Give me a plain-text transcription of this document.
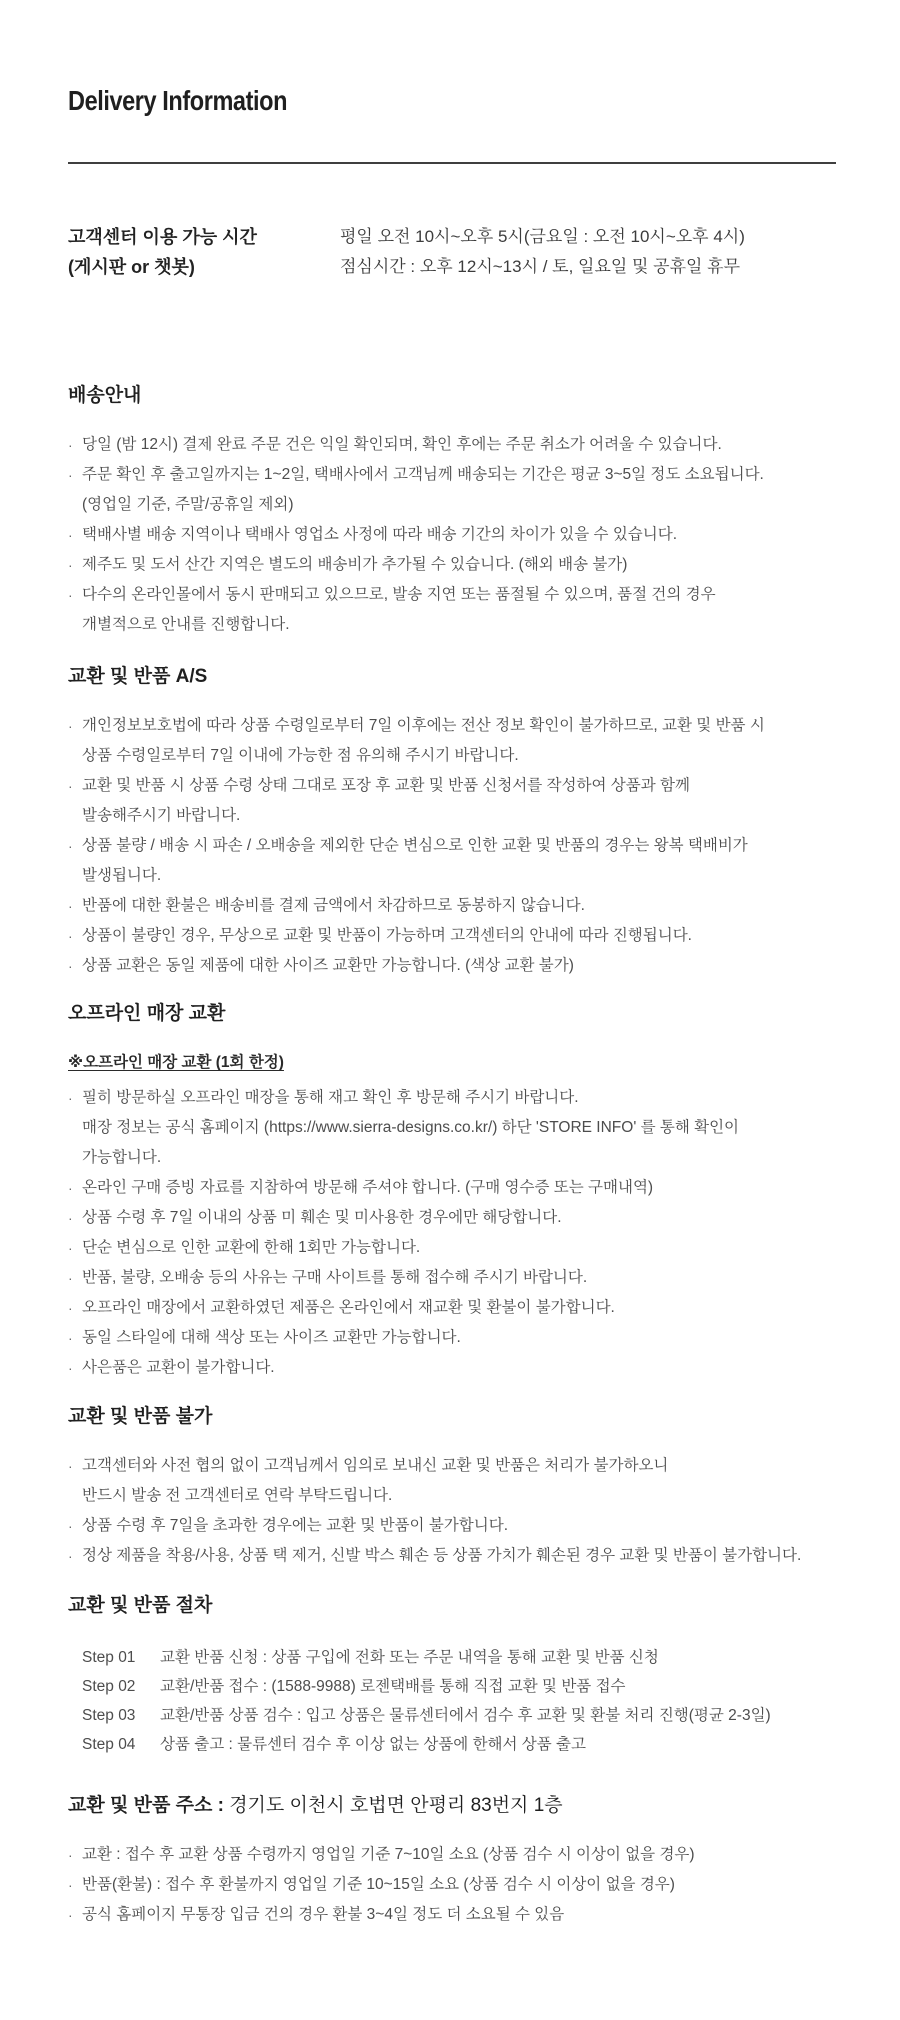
Delivery Information
고객센터 이용 가능 시간
(게시판 or 챗봇)
평일 오전 10시~오후 5시(금요일 : 오전 10시~오후 4시)
점심시간 : 오후 12시~13시 / 토, 일요일 및 공휴일 휴무
배송안내
· 당일 (밤 12시) 결제 완료 주문 건은 익일 확인되며, 확인 후에는 주문 취소가 어려울 수 있습니다.
· 주문 확인 후 출고일까지는 1~2일, 택배사에서 고객님께 배송되는 기간은 평균 3~5일 정도 소요됩니다.
(영업일 기준, 주말/공휴일 제외)
· 택배사별 배송 지역이나 택배사 영업소 사정에 따라 배송 기간의 차이가 있을 수 있습니다.
· 제주도 및 도서 산간 지역은 별도의 배송비가 추가될 수 있습니다. (해외 배송 불가)
· 다수의 온라인몰에서 동시 판매되고 있으므로, 발송 지연 또는 품절될 수 있으며, 품절 건의 경우
개별적으로 안내를 진행합니다.
교환 및 반품 A/S
· 개인정보보호법에 따라 상품 수령일로부터 7일 이후에는 전산 정보 확인이 불가하므로, 교환 및 반품 시
상품 수령일로부터 7일 이내에 가능한 점 유의해 주시기 바랍니다.
· 교환 및 반품 시 상품 수령 상태 그대로 포장 후 교환 및 반품 신청서를 작성하여 상품과 함께
발송해주시기 바랍니다.
· 상품 불량 / 배송 시 파손 / 오배송을 제외한 단순 변심으로 인한 교환 및 반품의 경우는 왕복 택배비가
발생됩니다.
· 반품에 대한 환불은 배송비를 결제 금액에서 차감하므로 동봉하지 않습니다.
· 상품이 불량인 경우, 무상으로 교환 및 반품이 가능하며 고객센터의 안내에 따라 진행됩니다.
· 상품 교환은 동일 제품에 대한 사이즈 교환만 가능합니다. (색상 교환 불가)
오프라인 매장 교환
※오프라인 매장 교환 (1회 한정)
· 필히 방문하실 오프라인 매장을 통해 재고 확인 후 방문해 주시기 바랍니다.
매장 정보는 공식 홈페이지 (https://www.sierra-designs.co.kr/) 하단 'STORE INFO' 를 통해 확인이
가능합니다.
· 온라인 구매 증빙 자료를 지참하여 방문해 주셔야 합니다. (구매 영수증 또는 구매내역)
· 상품 수령 후 7일 이내의 상품 미 훼손 및 미사용한 경우에만 해당합니다.
· 단순 변심으로 인한 교환에 한해 1회만 가능합니다.
· 반품, 불량, 오배송 등의 사유는 구매 사이트를 통해 접수해 주시기 바랍니다.
· 오프라인 매장에서 교환하였던 제품은 온라인에서 재교환 및 환불이 불가합니다.
· 동일 스타일에 대해 색상 또는 사이즈 교환만 가능합니다.
· 사은품은 교환이 불가합니다.
교환 및 반품 불가
· 고객센터와 사전 협의 없이 고객님께서 임의로 보내신 교환 및 반품은 처리가 불가하오니
반드시 발송 전 고객센터로 연락 부탁드립니다.
· 상품 수령 후 7일을 초과한 경우에는 교환 및 반품이 불가합니다.
· 정상 제품을 착용/사용, 상품 택 제거, 신발 박스 훼손 등 상품 가치가 훼손된 경우 교환 및 반품이 불가합니다.
교환 및 반품 절차
Step 01	교환 반품 신청 : 상품 구입에 전화 또는 주문 내역을 통해 교환 및 반품 신청
Step 02	교환/반품 접수 : (1588-9988) 로젠택배를 통해 직접 교환 및 반품 접수
Step 03	교환/반품 상품 검수 : 입고 상품은 물류센터에서 검수 후 교환 및 환불 처리 진행(평균 2-3일)
Step 04	상품 출고 : 물류센터 검수 후 이상 없는 상품에 한해서 상품 출고
교환 및 반품 주소 : 경기도 이천시 호법면 안평리 83번지 1층
· 교환 : 접수 후 교환 상품 수령까지 영업일 기준 7~10일 소요 (상품 검수 시 이상이 없을 경우)
· 반품(환불) : 접수 후 환불까지 영업일 기준 10~15일 소요 (상품 검수 시 이상이 없을 경우)
· 공식 홈페이지 무통장 입금 건의 경우 환불 3~4일 정도 더 소요될 수 있음
